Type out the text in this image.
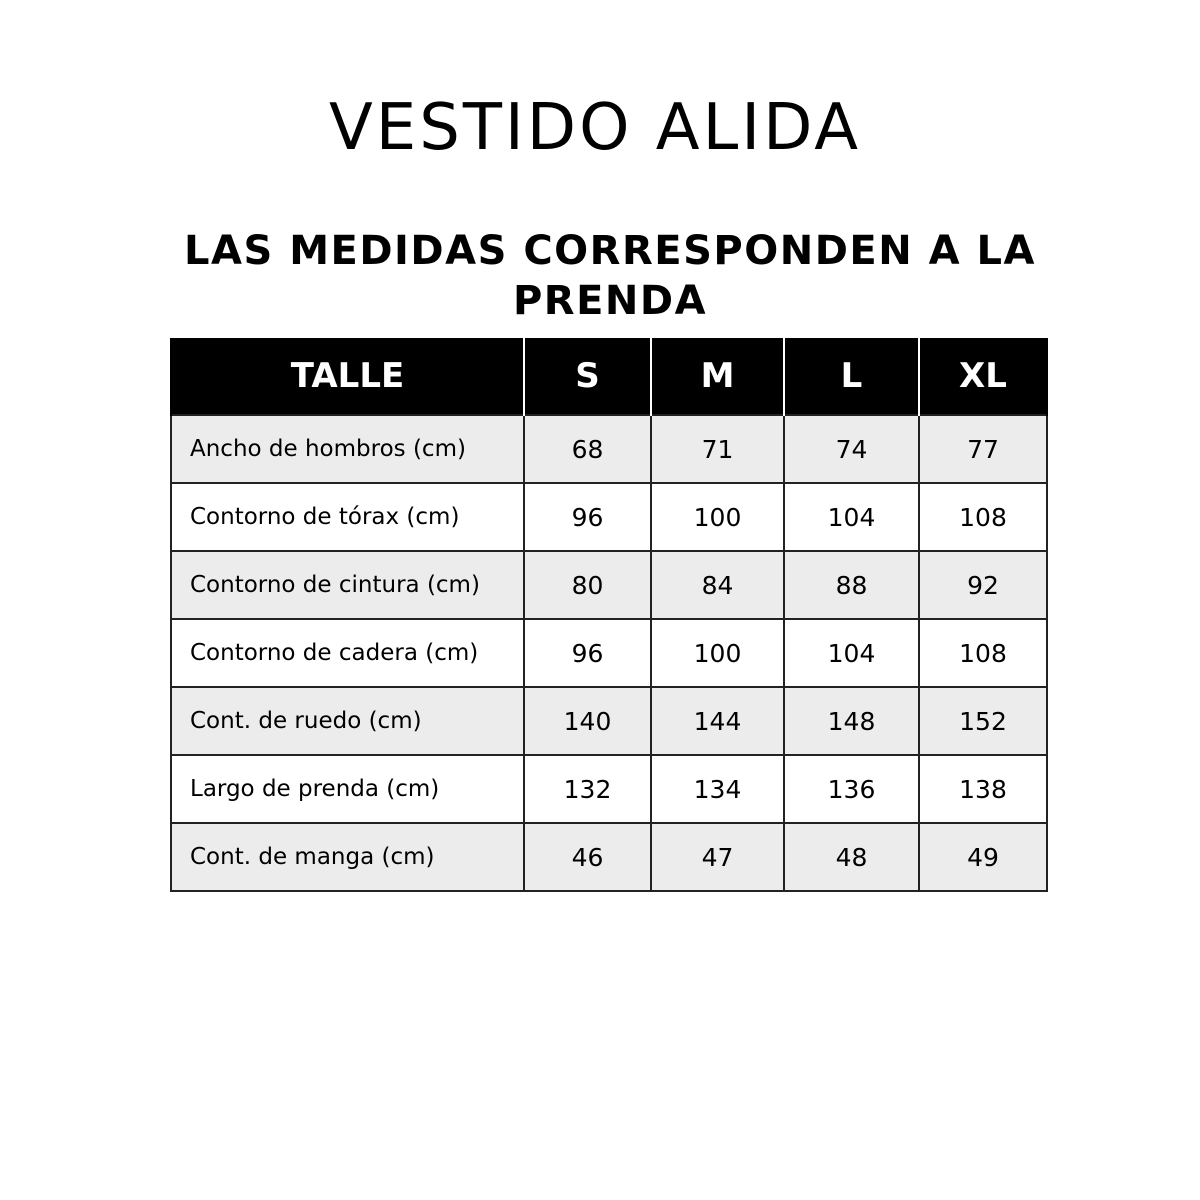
VESTIDO ALIDA
LAS MEDIDAS CORRESPONDEN A LA PRENDA
TALLE	S	M	L	XL
Ancho de hombros (cm)	68	71	74	77
Contorno de tórax (cm)	96	100	104	108
Contorno de cintura (cm)	80	84	88	92
Contorno de cadera (cm)	96	100	104	108
Cont. de ruedo (cm)	140	144	148	152
Largo de prenda (cm)	132	134	136	138
Cont. de manga (cm)	46	47	48	49
